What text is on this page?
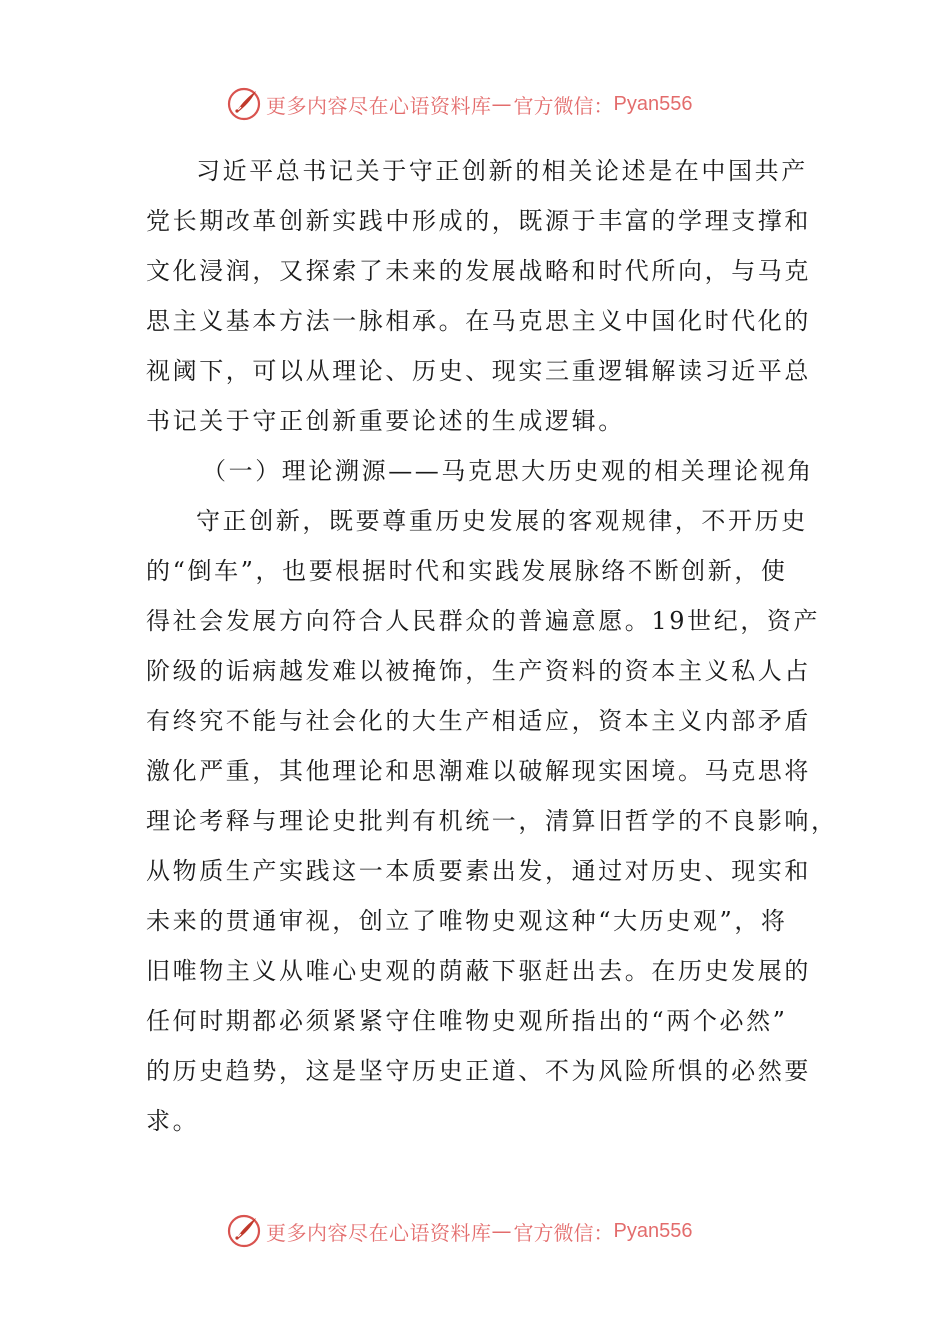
更多内容尽在心语资料库 — 官方微信： Pyan556
习近平总书记关于守正创新的相关论述是在中国共产
党长期改革创新实践中形成的，既源于丰富的学理支撑和
文化浸润，又探索了未来的发展战略和时代所向，与马克
思主义基本方法一脉相承。在马克思主义中国化时代化的
视阈下，可以从理论、历史、现实三重逻辑解读习近平总
书记关于守正创新重要论述的生成逻辑。
（一）理论溯源——马克思大历史观的相关理论视角
守正创新，既要尊重历史发展的客观规律，不开历史
的“倒车”，也要根据时代和实践发展脉络不断创新，使
得社会发展方向符合人民群众的普遍意愿。19世纪，资产
阶级的诟病越发难以被掩饰，生产资料的资本主义私人占
有终究不能与社会化的大生产相适应，资本主义内部矛盾
激化严重，其他理论和思潮难以破解现实困境。马克思将
理论考释与理论史批判有机统一，清算旧哲学的不良影响，
从物质生产实践这一本质要素出发，通过对历史、现实和
未来的贯通审视，创立了唯物史观这种“大历史观”，将
旧唯物主义从唯心史观的荫蔽下驱赶出去。在历史发展的
任何时期都必须紧紧守住唯物史观所指出的“两个必然”
的历史趋势，这是坚守历史正道、不为风险所惧的必然要
求。
更多内容尽在心语资料库 — 官方微信： Pyan556
